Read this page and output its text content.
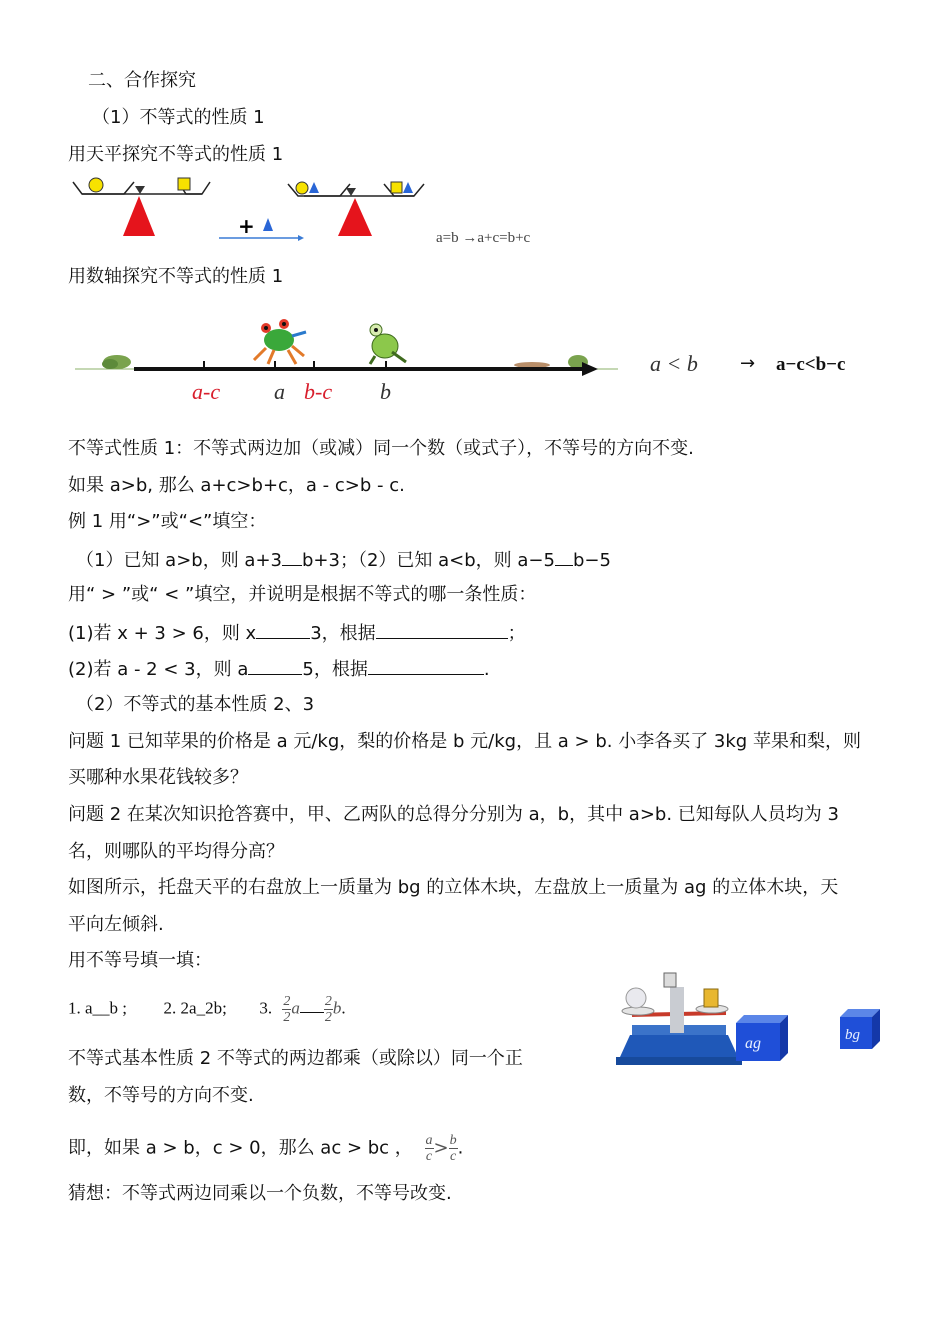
二、合作探究
（1）不等式的性质 1
用天平探究不等式的性质 1
+	a=b →a+c=b+c
用数轴探究不等式的性质 1
a-c a b-c b
a < b → a−c<b−c
不等式性质 1：不等式两边加（或减）同一个数（或式子），不等号的方向不变.
如果 a>b, 那么 a+c>b+c，a - c>b - c.
例 1 用“>”或“<”填空：
（1）已知 a>b，则 a+3 b+3；（2）已知 a<b，则 a−5 b−5
用“ > ”或“ < ”填空，并说明是根据不等式的哪一条性质：
(1)若 x + 3 > 6，则 x	3，根据	；
(2)若 a - 2 < 3，则 a	5，根据	.
（2）不等式的基本性质 2、3
问题 1 已知苹果的价格是 a 元/kg，梨的价格是 b 元/kg，且 a > b. 小李各买了 3kg 苹果和梨，则
买哪种水果花钱较多？
问题 2 在某次知识抢答赛中，甲、乙两队的总得分分别为 a，b，其中 a>b. 已知每队人员均为 3
名，则哪队的平均得分高？
如图所示，托盘天平的右盘放上一质量为 bg 的立体木块，左盘放上一质量为 ag 的立体木块，天
平向左倾斜.
用不等号填一填：
1. a__b ; 2. 2a_2b; 3. $\frac{2}{2}$ a $\frac{2}{2} b$.
ag	bg
不等式基本性质 2 不等式的两边都乘（或除以）同一个正
数，不等号的方向不变.
即，如果 a > b，c > 0，那么 ac > bc ， $\frac{a}{c} > \frac{b}{c}$ .
猜想：不等式两边同乘以一个负数，不等号改变.
